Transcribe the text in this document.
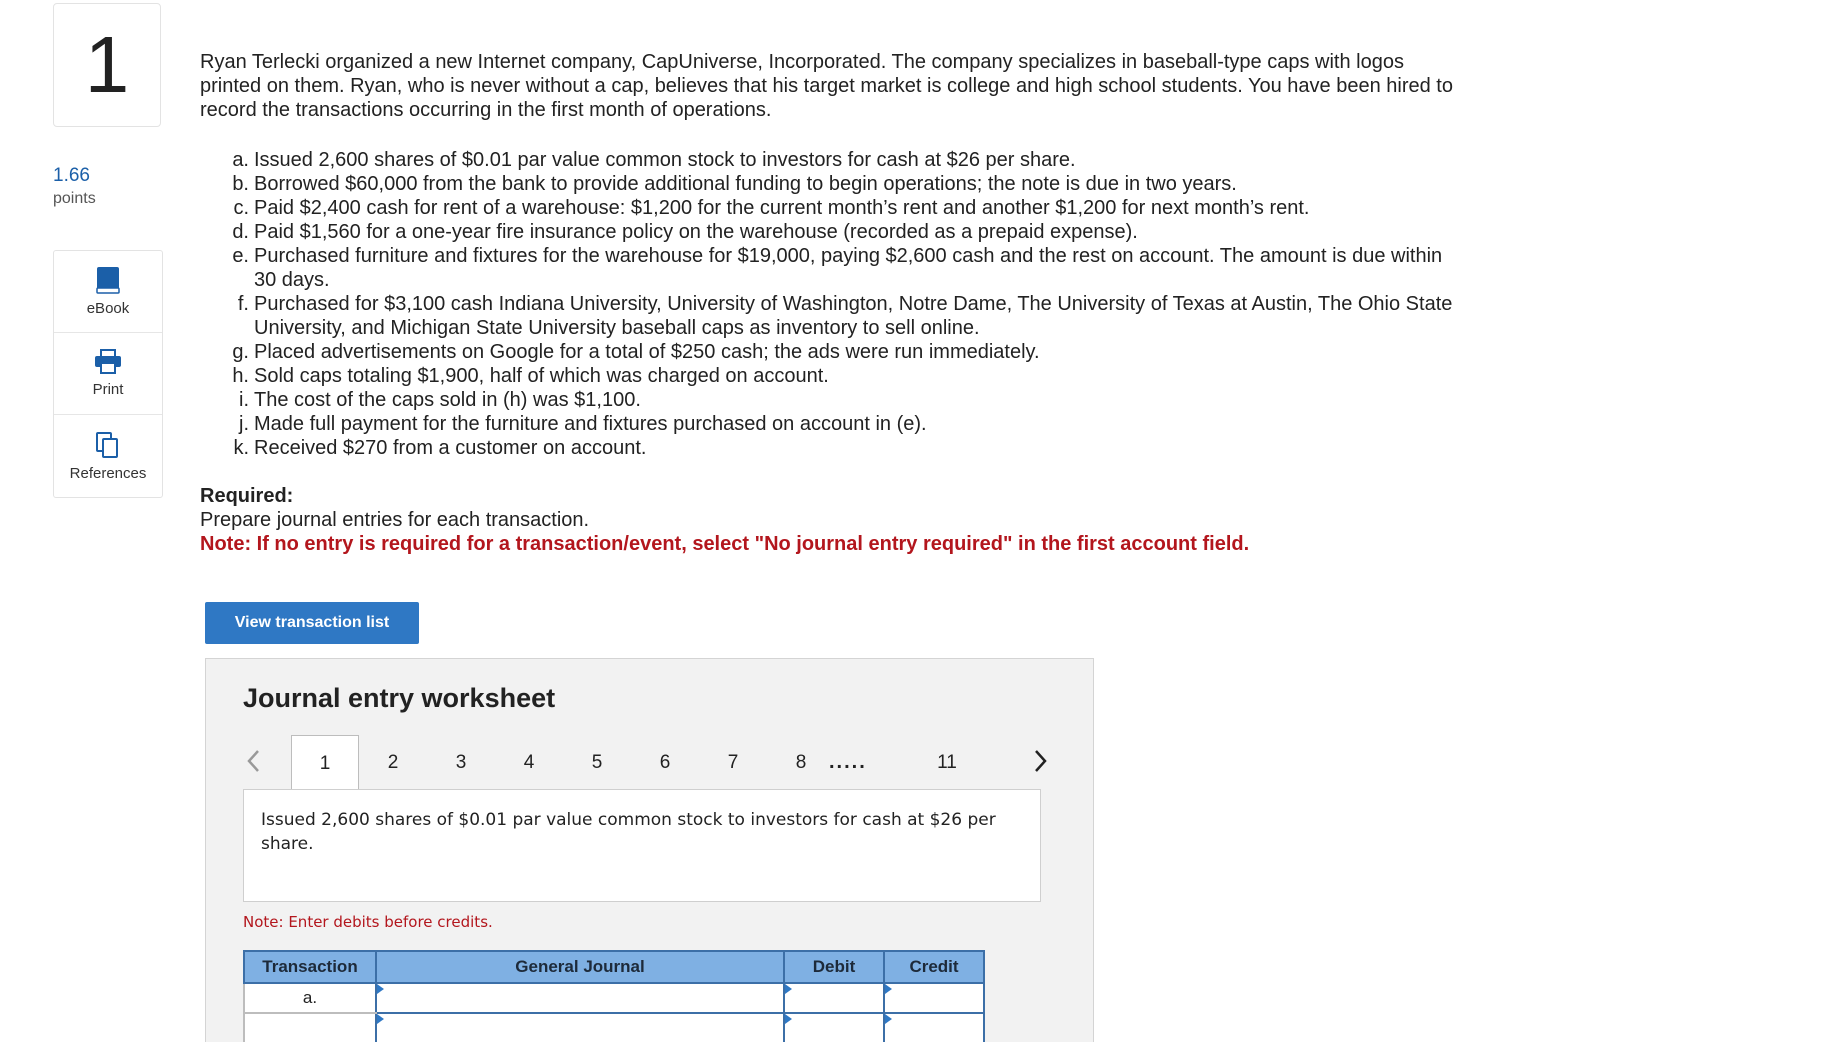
1
1.66
points
eBook
Print
References

Ryan Terlecki organized a new Internet company, CapUniverse, Incorporated. The company specializes in baseball-type caps with logos printed on them. Ryan, who is never without a cap, believes that his target market is college and high school students. You have been hired to record the transactions occurring in the first month of operations.

a. Issued 2,600 shares of $0.01 par value common stock to investors for cash at $26 per share.
b. Borrowed $60,000 from the bank to provide additional funding to begin operations; the note is due in two years.
c. Paid $2,400 cash for rent of a warehouse: $1,200 for the current month’s rent and another $1,200 for next month’s rent.
d. Paid $1,560 for a one-year fire insurance policy on the warehouse (recorded as a prepaid expense).
e. Purchased furniture and fixtures for the warehouse for $19,000, paying $2,600 cash and the rest on account. The amount is due within 30 days.
f. Purchased for $3,100 cash Indiana University, University of Washington, Notre Dame, The University of Texas at Austin, The Ohio State University, and Michigan State University baseball caps as inventory to sell online.
g. Placed advertisements on Google for a total of $250 cash; the ads were run immediately.
h. Sold caps totaling $1,900, half of which was charged on account.
i. The cost of the caps sold in (h) was $1,100.
j. Made full payment for the furniture and fixtures purchased on account in (e).
k. Received $270 from a customer on account.
Required:
Prepare journal entries for each transaction.
Note: If no entry is required for a transaction/event, select "No journal entry required" in the first account field.
View transaction list
Journal entry worksheet
1	2	3	4	5	6	7	8	.....	11
Issued 2,600 shares of $0.01 par value common stock to investors for cash at $26 per share.
Note: Enter debits before credits.
Transaction	General Journal	Debit	Credit
a.	
